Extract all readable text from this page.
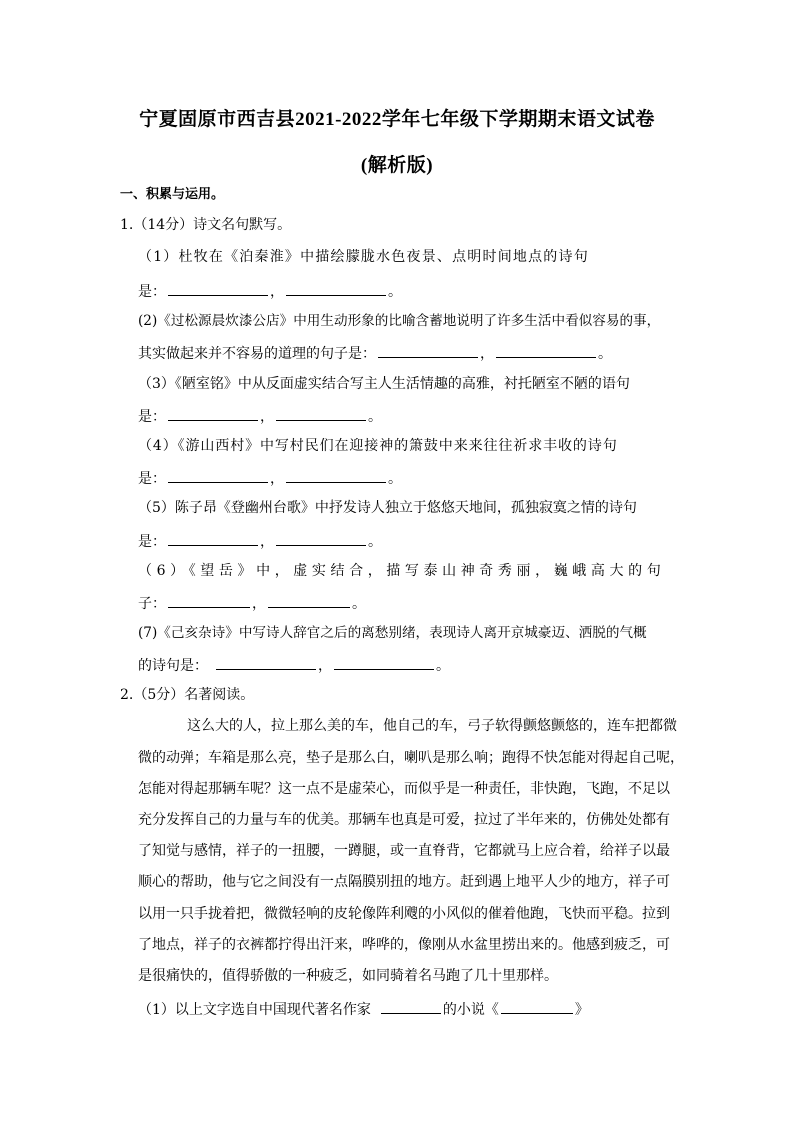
宁夏固原市西吉县2021-2022学年七年级下学期期末语文试卷
(解析版)
一、积累与运用。
1.（14分）诗文名句默写。
（1）杜牧在《泊秦淮》中描绘朦胧水色夜景、点明时间地点的诗句
是：	，	。
(2)《过松源晨炊漆公店》中用生动形象的比喻含蓄地说明了许多生活中看似容易的事，
其实做起来并不容易的道理的句子是：	，	。
（3）《陋室铭》中从反面虚实结合写主人生活情趣的高雅，衬托陋室不陋的语句
是：	，	。
（4）《游山西村》中写村民们在迎接神的箫鼓中来来往往祈求丰收的诗句
是：	，	。
（5）陈子昂《登幽州台歌》中抒发诗人独立于悠悠天地间，孤独寂寞之情的诗句
是：	，	。
（6）《望岳》中，虚实结合，描写泰山神奇秀丽，巍峨高大的句
子：	，	。
(7)《己亥杂诗》中写诗人辞官之后的离愁别绪，表现诗人离开京城豪迈、洒脱的气概
的诗句是：	，	。
2.（5分）名著阅读。
这么大的人，拉上那么美的车，他自己的车，弓子软得颤悠颤悠的，连车把都微
微的动弹；车箱是那么亮，垫子是那么白，喇叭是那么响；跑得不快怎能对得起自己呢，
怎能对得起那辆车呢？这一点不是虚荣心，而似乎是一种责任，非快跑，飞跑，不足以
充分发挥自己的力量与车的优美。那辆车也真是可爱，拉过了半年来的，仿佛处处都有
了知觉与感情，祥子的一扭腰，一蹲腿，或一直脊背，它都就马上应合着，给祥子以最
顺心的帮助，他与它之间没有一点隔膜别扭的地方。赶到遇上地平人少的地方，祥子可
以用一只手拢着把，微微轻响的皮轮像阵利飕的小风似的催着他跑，飞快而平稳。拉到
了地点，祥子的衣裤都拧得出汗来，哗哗的，像刚从水盆里捞出来的。他感到疲乏，可
是很痛快的，值得骄傲的一种疲乏，如同骑着名马跑了几十里那样。
（1）以上文字选自中国现代著名作家	的小说《	》
